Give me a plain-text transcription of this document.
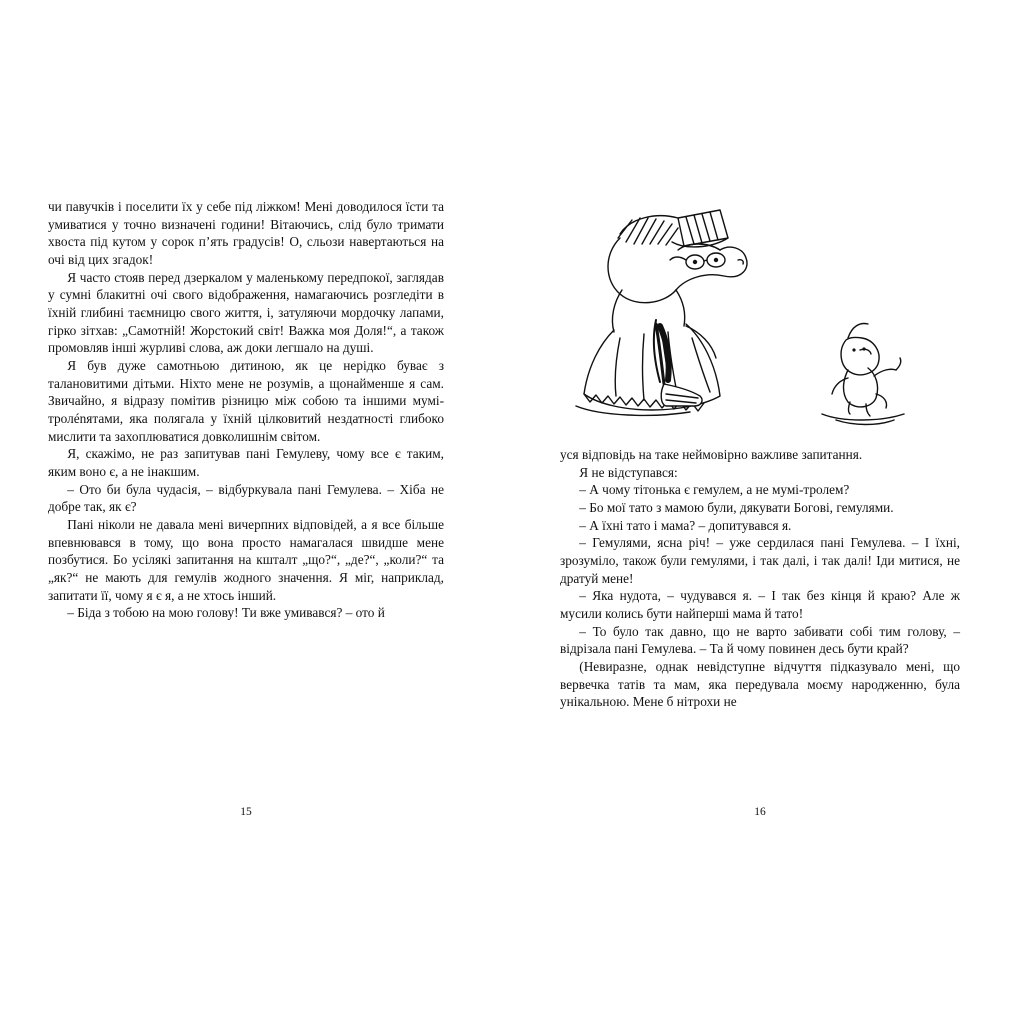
чи павучків і поселити їх у себе під ліжком! Мені доводилося їсти та умиватися у точно визначені години! Вітаючись, слід було тримати хвоста під кутом у сорок п’ять градусів! О, сльози навертаються на очі від цих згадок!

Я часто стояв перед дзеркалом у маленькому передпокої, заглядав у сумні блакитні очі свого відображення, намагаючись розгледіти в їхній глибині таємницю свого життя, і, затуляючи мордочку лапами, гірко зітхав: „Самотній! Жорстокий світ! Важка моя Доля!“, а також промовляв інші журливі слова, аж доки легшало на душі.

Я був дуже самотньою дитиною, як це нерідко буває з талановитими дітьми. Ніхто мене не розумів, а щонайменше я сам. Звичайно, я відразу помітив різницю між собою та іншими мумі-тролénятами, яка полягала у їхній цілковитий нездатності глибоко мислити та захоплюватися довколишнім світом.

Я, скажімо, не раз запитував пані Гемулеву, чому все є таким, яким воно є, а не інакшим.

– Ото би була чудасія, – відбуркувала пані Гемулева. – Хіба не добре так, як є?

Пані ніколи не давала мені вичерпних відповідей, а я все більше впевнювався в тому, що вона просто намагалася швидше мене позбутися. Бо усілякі запитання на кшталт „що?“, „де?“, „коли?“ та „як?“ не мають для гемулів жодного значення. Я міг, наприклад, запитати її, чому я є я, а не хтось інший.

– Біда з тобою на мою голову! Ти вже умивався? – ото й

15

уся відповідь на таке неймовірно важливе запитання.

Я не відступався:

– А чому тітонька є гемулем, а не мумі-тролем?

– Бо мої тато з мамою були, дякувати Богові, гемулями.

– А їхні тато і мама? – допитувався я.

– Гемулями, ясна річ! – уже сердилася пані Гемулева. – І їхні, зрозуміло, також були гемулями, і так далі, і так далі! Іди митися, не дратуй мене!

– Яка нудота, – чудувався я. – І так без кінця й краю? Але ж мусили колись бути найперші мама й тато!

– То було так давно, що не варто забивати собі тим голову, – відрізала пані Гемулева. – Та й чому повинен десь бути край?

(Невиразне, однак невідступне відчуття підказувало мені, що вервечка татів та мам, яка передувала моєму народженню, була унікальною. Мене б нітрохи не

16
